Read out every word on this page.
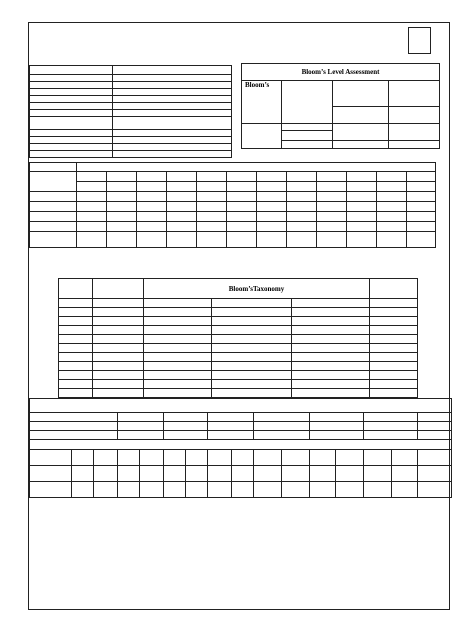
Bloom’s Level Assessment			
Bloom’s			

		Bloom’sTaxonomy			
